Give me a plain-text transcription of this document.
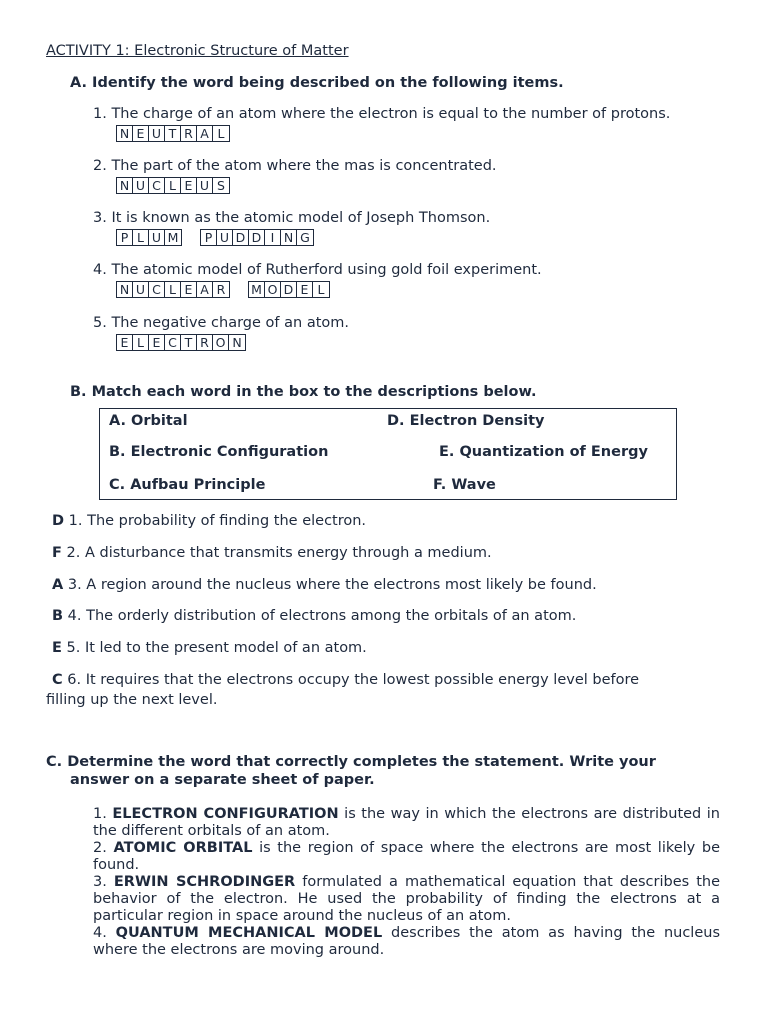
ACTIVITY 1: Electronic Structure of Matter
A. Identify the word being described on the following items.
1. The charge of an atom where the electron is equal to the number of protons.
N E U T R A L
2. The part of the atom where the mas is concentrated.
N U C L E U S
3. It is known as the atomic model of Joseph Thomson.
P L U M P U D D I N G
4. The atomic model of Rutherford using gold foil experiment.
N U C L E A R M O D E L
5. The negative charge of an atom.
E L E C T R O N
B. Match each word in the box to the descriptions below.
A. Orbital	D. Electron Density
B. Electronic Configuration	E. Quantization of Energy
C. Aufbau Principle	F. Wave
D 1. The probability of finding the electron.
F 2. A disturbance that transmits energy through a medium.
A 3. A region around the nucleus where the electrons most likely be found.
B 4. The orderly distribution of electrons among the orbitals of an atom.
E 5. It led to the present model of an atom.
C 6. It requires that the electrons occupy the lowest possible energy level before
filling up the next level.
C. Determine the word that correctly completes the statement. Write your
answer on a separate sheet of paper.
1. ELECTRON CONFIGURATION is the way in which the electrons are distributed in the different orbitals of an atom.
2. ATOMIC ORBITAL is the region of space where the electrons are most likely be found.
3. ERWIN SCHRODINGER formulated a mathematical equation that describes the behavior of the electron. He used the probability of finding the electrons at a particular region in space around the nucleus of an atom.
4. QUANTUM MECHANICAL MODEL describes the atom as having the nucleus where the electrons are moving around.
